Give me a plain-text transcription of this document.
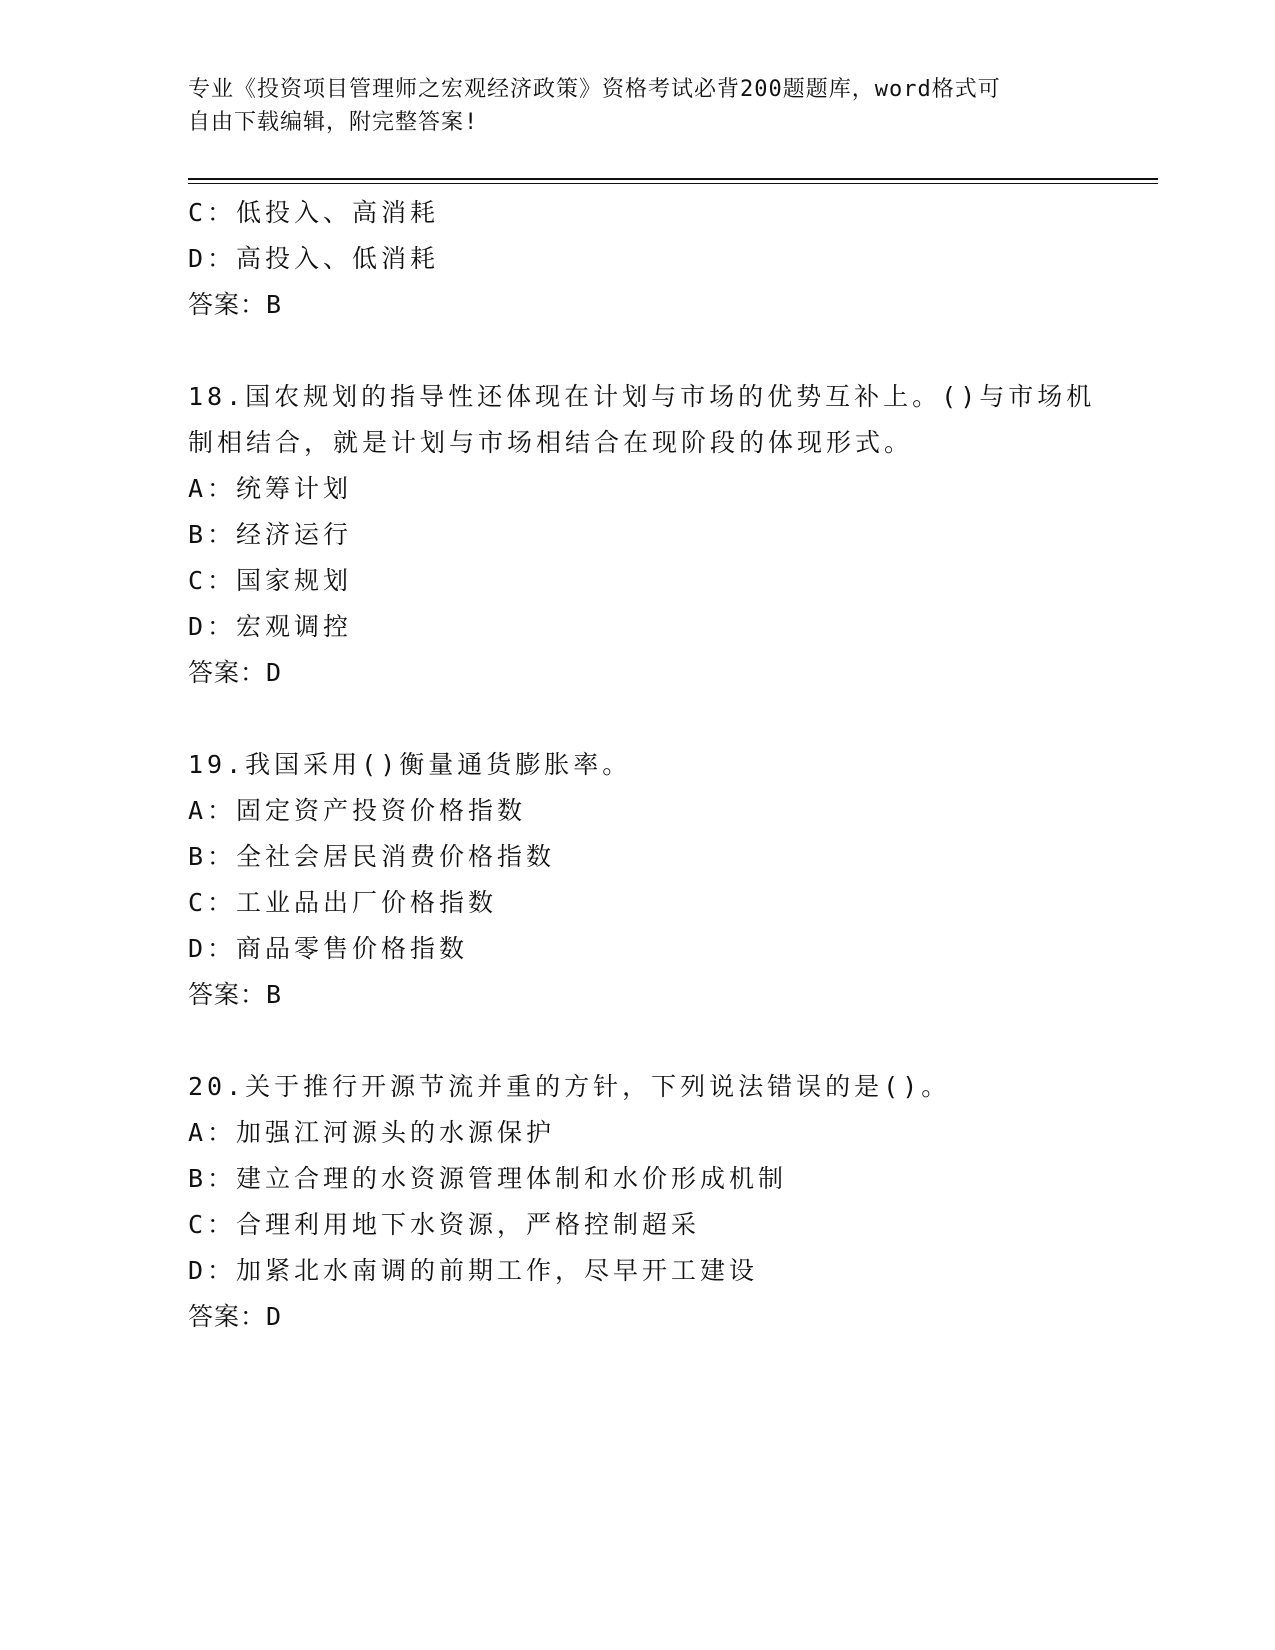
专业《投资项目管理师之宏观经济政策》资格考试必背200题题库，word格式可
自由下载编辑，附完整答案!
C：低投入、高消耗
D：高投入、低消耗
答案：B
18.国农规划的指导性还体现在计划与市场的优势互补上。()与市场机
制相结合，就是计划与市场相结合在现阶段的体现形式。
A：统筹计划
B：经济运行
C：国家规划
D：宏观调控
答案：D
19.我国采用()衡量通货膨胀率。
A：固定资产投资价格指数
B：全社会居民消费价格指数
C：工业品出厂价格指数
D：商品零售价格指数
答案：B
20.关于推行开源节流并重的方针，下列说法错误的是()。
A：加强江河源头的水源保护
B：建立合理的水资源管理体制和水价形成机制
C：合理利用地下水资源，严格控制超采
D：加紧北水南调的前期工作，尽早开工建设
答案：D
